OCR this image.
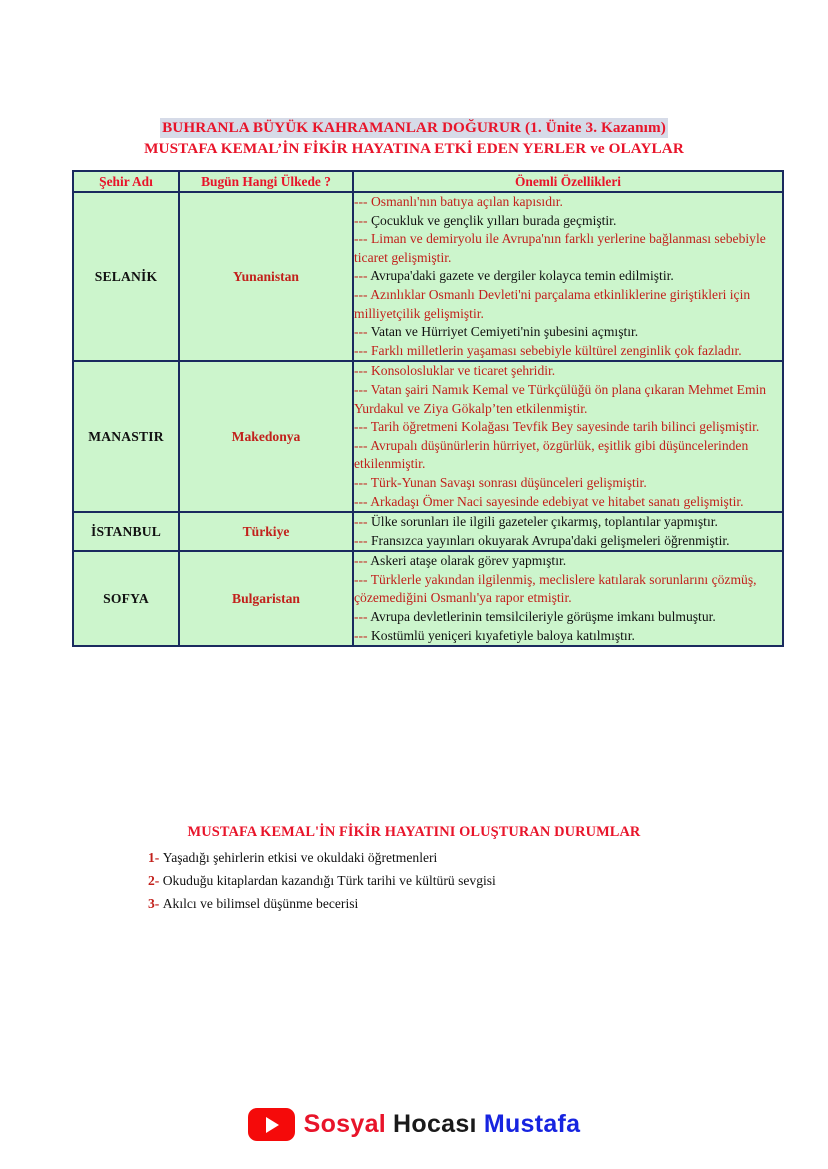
BUHRANLA BÜYÜK KAHRAMANLAR DOĞURUR (1. Ünite 3. Kazanım)
MUSTAFA KEMAL’İN FİKİR HAYATINA ETKİ EDEN YERLER ve OLAYLAR
Şehir Adı	Bugün Hangi Ülkede ?	Önemli Özellikleri
SELANİK	Yunanistan	
--- Osmanlı'nın batıya açılan kapısıdır.
--- Çocukluk ve gençlik yılları burada geçmiştir.
--- Liman ve demiryolu ile Avrupa'nın farklı yerlerine bağlanması sebebiyle ticaret gelişmiştir.
--- Avrupa'daki gazete ve dergiler kolayca temin edilmiştir.
--- Azınlıklar Osmanlı Devleti'ni parçalama etkinliklerine giriştikleri için milliyetçilik gelişmiştir.
--- Vatan ve Hürriyet Cemiyeti'nin şubesini açmıştır.
--- Farklı milletlerin yaşaması sebebiyle kültürel zenginlik çok fazladır.

MANASTIR	Makedonya	
--- Konsolosluklar ve ticaret şehridir.
--- Vatan şairi Namık Kemal ve Türkçülüğü ön plana çıkaran Mehmet Emin Yurdakul ve Ziya Gökalp’ten etkilenmiştir.
--- Tarih öğretmeni Kolağası Tevfik Bey sayesinde tarih bilinci gelişmiştir.
--- Avrupalı düşünürlerin hürriyet, özgürlük, eşitlik gibi düşüncelerinden etkilenmiştir.
--- Türk-Yunan Savaşı sonrası düşünceleri gelişmiştir.
--- Arkadaşı Ömer Naci sayesinde edebiyat ve hitabet sanatı gelişmiştir.

İSTANBUL	Türkiye	--- Ülke sorunları ile ilgili gazeteler çıkarmış, toplantılar yapmıştır.
--- Fransızca yayınları okuyarak Avrupa'daki gelişmeleri öğrenmiştir.

SOFYA	Bulgaristan	--- Askeri ataşe olarak görev yapmıştır.
--- Türklerle yakından ilgilenmiş, meclislere katılarak sorunlarını çözmüş, çözemediğini Osmanlı'ya rapor etmiştir.
--- Avrupa devletlerinin temsilcileriyle görüşme imkanı bulmuştur.
--- Kostümlü yeniçeri kıyafetiyle baloya katılmıştır.
MUSTAFA KEMAL'İN FİKİR HAYATINI OLUŞTURAN DURUMLAR
1- Yaşadığı şehirlerin etkisi ve okuldaki öğretmenleri
2- Okuduğu kitaplardan kazandığı Türk tarihi ve kültürü sevgisi
3- Akılcı ve bilimsel düşünme becerisi
Sosyal Hocası Mustafa
